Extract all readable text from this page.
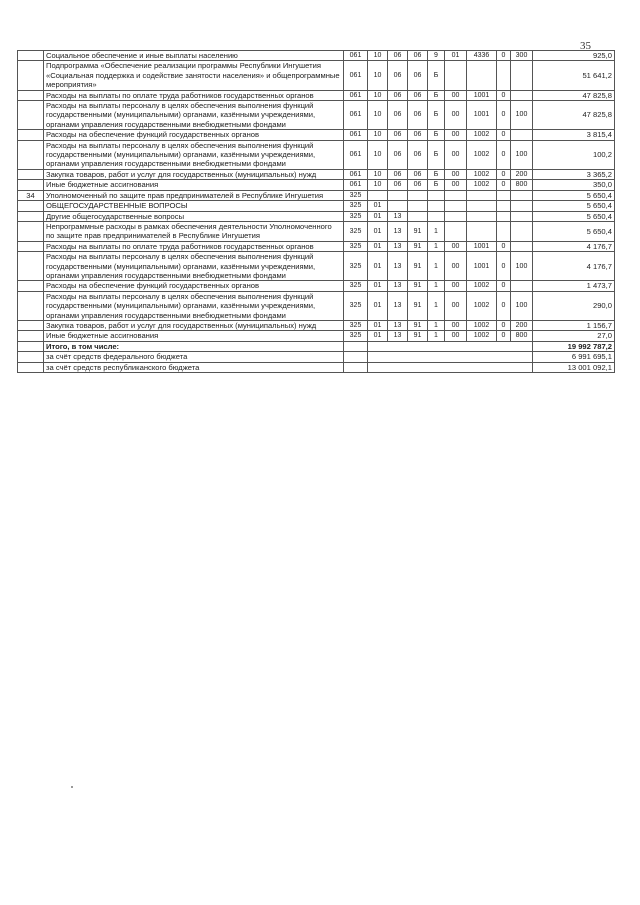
35
	Социальное обеспечение и иные выплаты населению	061	10	06	06	9	01	4336	0	300	925,0
	Подпрограмма «Обеспечение реализации программы Республики Ингушетия «Социальная поддержка и содействие занятости населения» и общепрограммные мероприятия»	061	10	06	06	Б					51 641,2
	Расходы на выплаты по оплате труда работников государственных органов	061	10	06	06	Б	00	1001	0		47 825,8
	Расходы на выплаты персоналу в целях обеспечения выполнения функций государственными (муниципальными) органами, казёнными учреждениями, органами управления государственными внебюджетными фондами	061	10	06	06	Б	00	1001	0	100	47 825,8
	Расходы на обеспечение функций государственных органов	061	10	06	06	Б	00	1002	0		3 815,4
	Расходы на выплаты персоналу в целях обеспечения выполнения функций государственными (муниципальными) органами, казёнными учреждениями, органами управления государственными внебюджетными фондами	061	10	06	06	Б	00	1002	0	100	100,2
	Закупка товаров, работ и услуг для государственных (муниципальных) нужд	061	10	06	06	Б	00	1002	0	200	3 365,2
	Иные бюджетные ассигнования	061	10	06	06	Б	00	1002	0	800	350,0
34	Уполномоченный по защите прав предпринимателей в Республике Ингушетия	325									5 650,4
	ОБЩЕГОСУДАРСТВЕННЫЕ ВОПРОСЫ	325	01								5 650,4
	Другие общегосударственные вопросы	325	01	13							5 650,4
	Непрограммные расходы в рамках обеспечения деятельности Уполномоченного по защите прав предпринимателей в Республике Ингушетия	325	01	13	91	1					5 650,4
	Расходы на выплаты по оплате труда работников государственных органов	325	01	13	91	1	00	1001	0		4 176,7
	Расходы на выплаты персоналу в целях обеспечения выполнения функций государственными (муниципальными) органами, казёнными учреждениями, органами управления государственными внебюджетными фондами	325	01	13	91	1	00	1001	0	100	4 176,7
	Расходы на обеспечение функций государственных органов	325	01	13	91	1	00	1002	0		1 473,7
	Расходы на выплаты персоналу в целях обеспечения выполнения функций государственными (муниципальными) органами, казёнными учреждениями, органами управления государственными внебюджетными фондами	325	01	13	91	1	00	1002	0	100	290,0
	Закупка товаров, работ и услуг для государственных (муниципальных) нужд	325	01	13	91	1	00	1002	0	200	1 156,7
	Иные бюджетные ассигнования	325	01	13	91	1	00	1002	0	800	27,0
	Итого, в том числе:										19 992 787,2
	за счёт средств федерального бюджета										6 991 695,1
	за счёт средств республиканского бюджета										13 001 092,1
